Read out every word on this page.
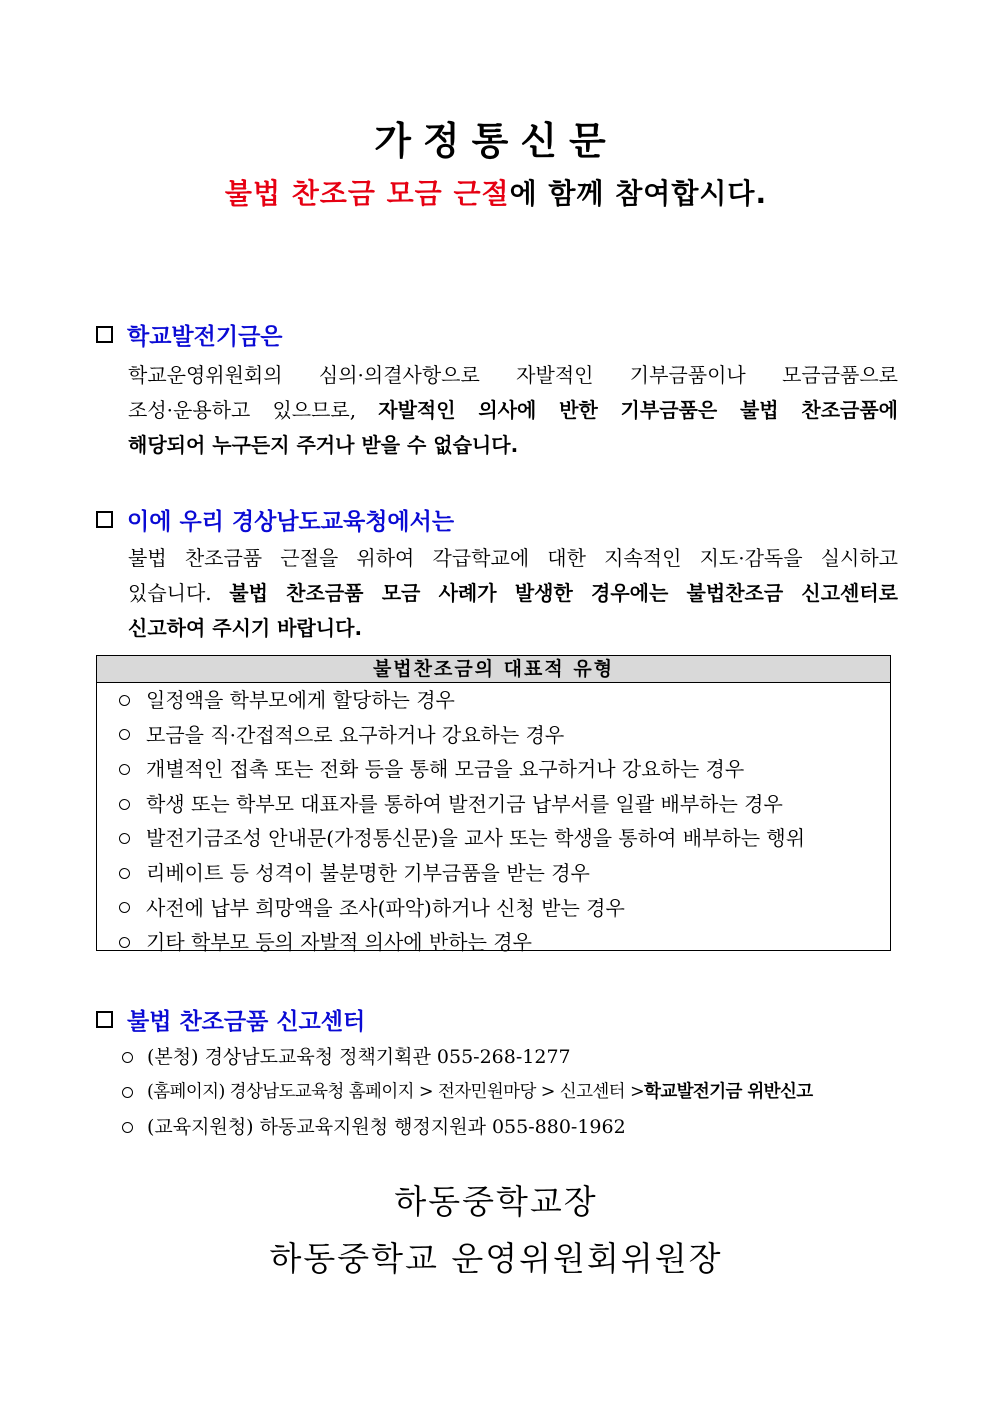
가정통신문
불법 찬조금 모금 근절에 함께 참여합시다.
학교발전기금은
학교운영위원회의 심의·의결사항으로 자발적인 기부금품이나 모금금품으로
조성·운용하고 있으므로, 자발적인 의사에 반한 기부금품은 불법 찬조금품에
해당되어 누구든지 주거나 받을 수 없습니다.
이에 우리 경상남도교육청에서는
불법 찬조금품 근절을 위하여 각급학교에 대한 지속적인 지도·감독을 실시하고
있습니다. 불법 찬조금품 모금 사례가 발생한 경우에는 불법찬조금 신고센터로
신고하여 주시기 바랍니다.
불법찬조금의 대표적 유형
일정액을 학부모에게 할당하는 경우
모금을 직·간접적으로 요구하거나 강요하는 경우
개별적인 접촉 또는 전화 등을 통해 모금을 요구하거나 강요하는 경우
학생 또는 학부모 대표자를 통하여 발전기금 납부서를 일괄 배부하는 경우
발전기금조성 안내문(가정통신문)을 교사 또는 학생을 통하여 배부하는 행위
리베이트 등 성격이 불분명한 기부금품을 받는 경우
사전에 납부 희망액을 조사(파악)하거나 신청 받는 경우
기타 학부모 등의 자발적 의사에 반하는 경우
불법 찬조금품 신고센터
(본청) 경상남도교육청 정책기획관 055-268-1277
(홈페이지) 경상남도교육청 홈페이지 > 전자민원마당 > 신고센터 > 학교발전기금 위반신고
(교육지원청) 하동교육지원청 행정지원과 055-880-1962
하동중학교장
하동중학교 운영위원회위원장
